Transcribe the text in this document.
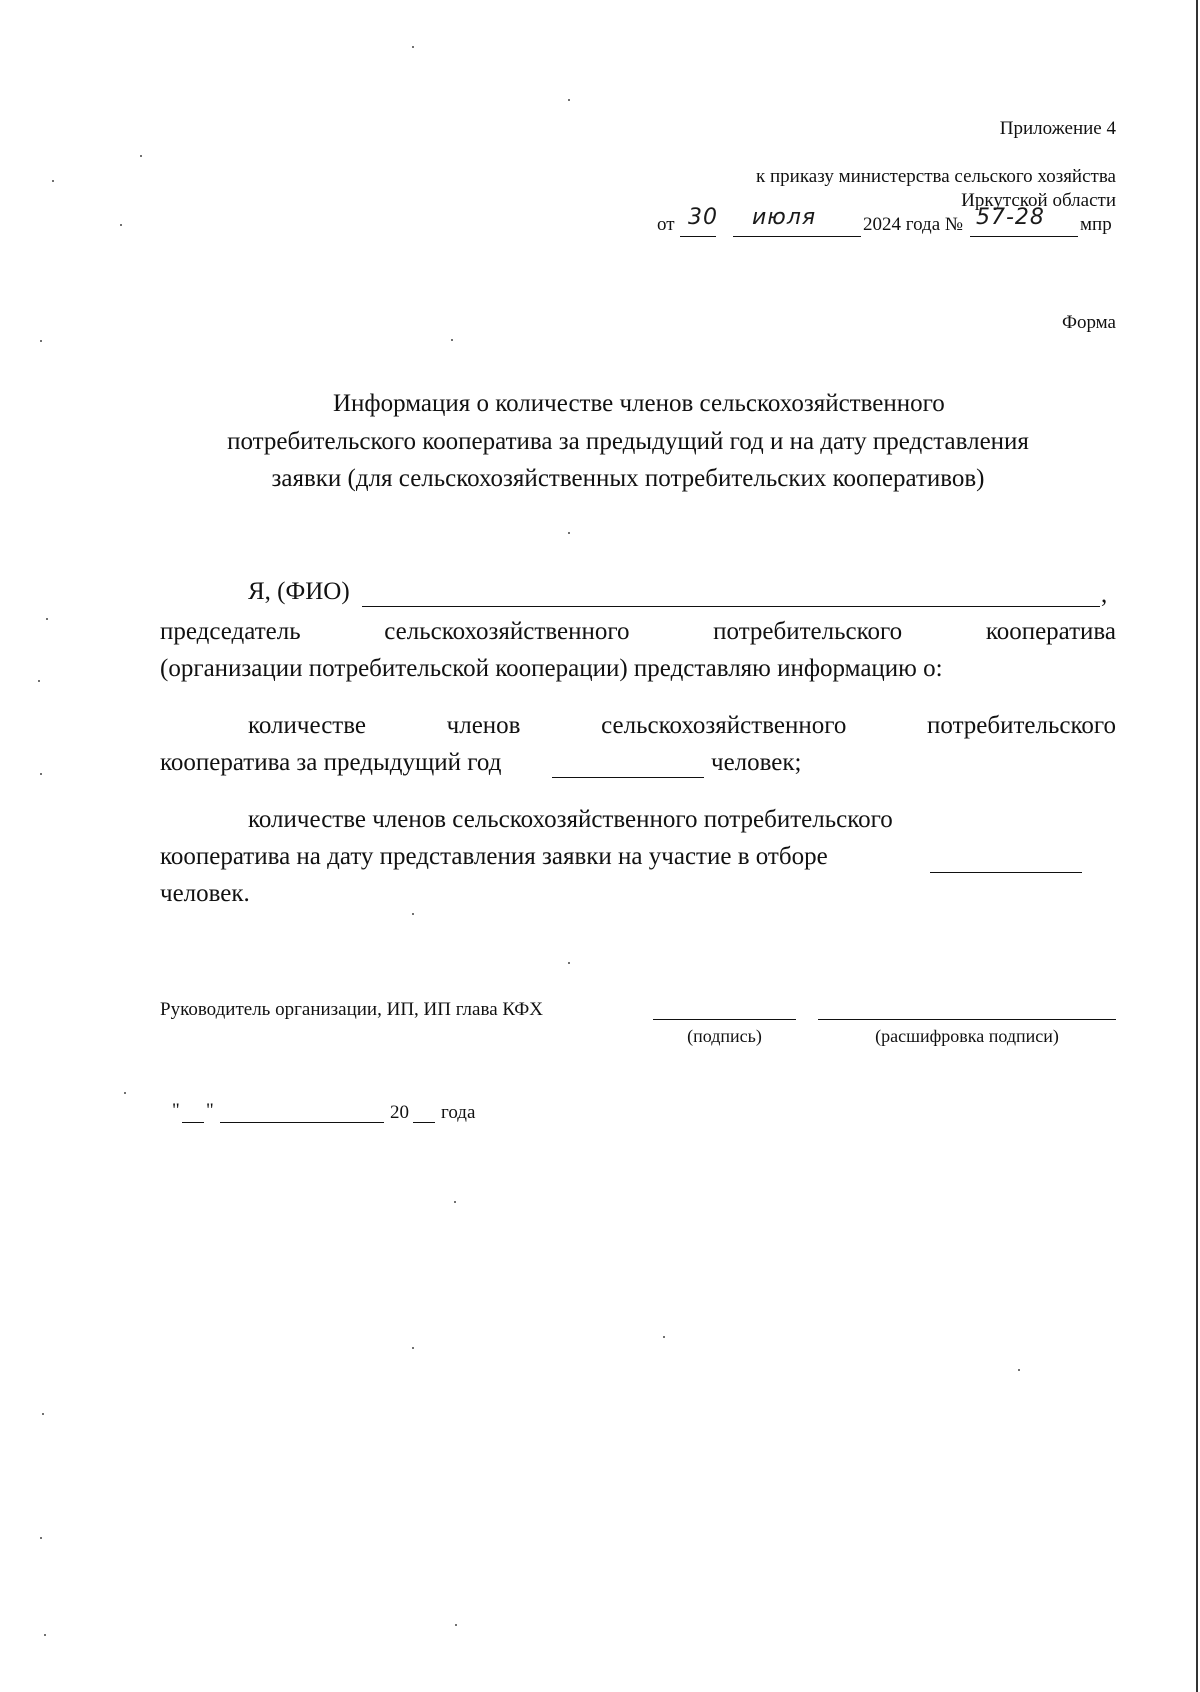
Приложение 4
к приказу министерства сельского хозяйства
Иркутской области
от 30 июля 2024 года № 57-28 мпр
Форма
Информация о количестве членов сельскохозяйственного
потребительского кооператива за предыдущий год и на дату представления
заявки (для сельскохозяйственных потребительских кооперативов)
Я, (ФИО)	,
председатель	сельскохозяйственного	потребительского	кооператива
(организации потребительской кооперации) представляю информацию о:
количестве	членов	сельскохозяйственного	потребительского
кооператива за предыдущий год	человек;
количестве членов сельскохозяйственного потребительского
кооператива на дату представления заявки на участие в отборе
человек.
Руководитель организации, ИП, ИП глава КФХ
(подпись)	(расшифровка подписи)
" "	20 года
